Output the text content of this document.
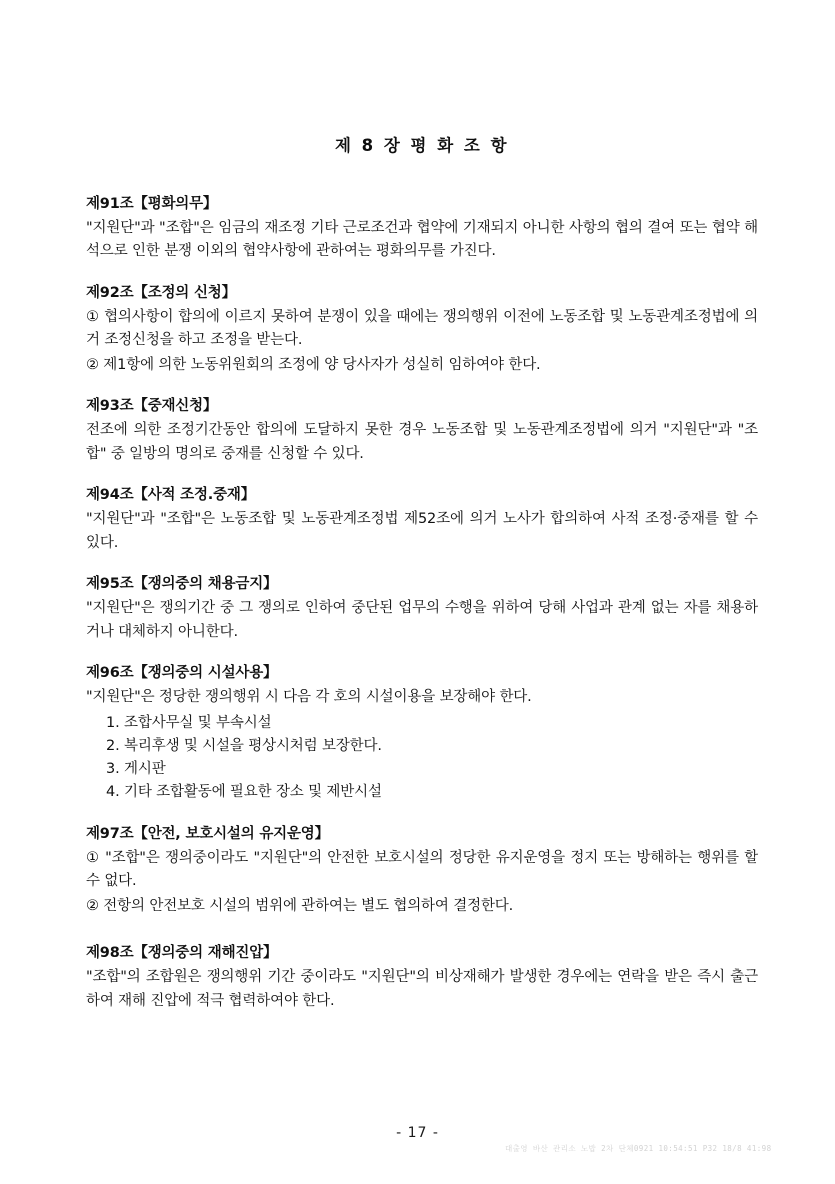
제 8 장 평 화 조 항

제91조【평화의무】

"지원단"과 "조합"은 임금의 재조정 기타 근로조건과 협약에 기재되지 아니한 사항의 협의 결여 또는 협약 해석으로 인한 분쟁 이외의 협약사항에 관하여는 평화의무를 가진다.

제92조【조정의 신청】

① 협의사항이 합의에 이르지 못하여 분쟁이 있을 때에는 쟁의행위 이전에 노동조합 및 노동관계조정법에 의거 조정신청을 하고 조정을 받는다.

② 제1항에 의한 노동위원회의 조정에 양 당사자가 성실히 임하여야 한다.

제93조【중재신청】

전조에 의한 조정기간동안 합의에 도달하지 못한 경우 노동조합 및 노동관계조정법에 의거 "지원단"과 "조합" 중 일방의 명의로 중재를 신청할 수 있다.

제94조【사적 조정.중재】

"지원단"과 "조합"은 노동조합 및 노동관계조정법 제52조에 의거 노사가 합의하여 사적 조정·중재를 할 수 있다.

제95조【쟁의중의 채용금지】

"지원단"은 쟁의기간 중 그 쟁의로 인하여 중단된 업무의 수행을 위하여 당해 사업과 관계 없는 자를 채용하거나 대체하지 아니한다.

제96조【쟁의중의 시설사용】

"지원단"은 정당한 쟁의행위 시 다음 각 호의 시설이용을 보장해야 한다.

1. 조합사무실 및 부속시설
2. 복리후생 및 시설을 평상시처럼 보장한다.
3. 게시판
4. 기타 조합활동에 필요한 장소 및 제반시설

제97조【안전, 보호시설의 유지운영】

① "조합"은 쟁의중이라도 "지원단"의 안전한 보호시설의 정당한 유지운영을 정지 또는 방해하는 행위를 할 수 없다.

② 전항의 안전보호 시설의 범위에 관하여는 별도 협의하여 결정한다.

제98조【쟁의중의 재해진압】

"조합"의 조합원은 쟁의행위 기간 중이라도 "지원단"의 비상재해가 발생한 경우에는 연락을 받은 즉시 출근하여 재해 진압에 적극 협력하여야 한다.

- 17 -
대출영 바산 관리소 노밥 2차 단체0921 10:54:51 P32 18/8 41:98
